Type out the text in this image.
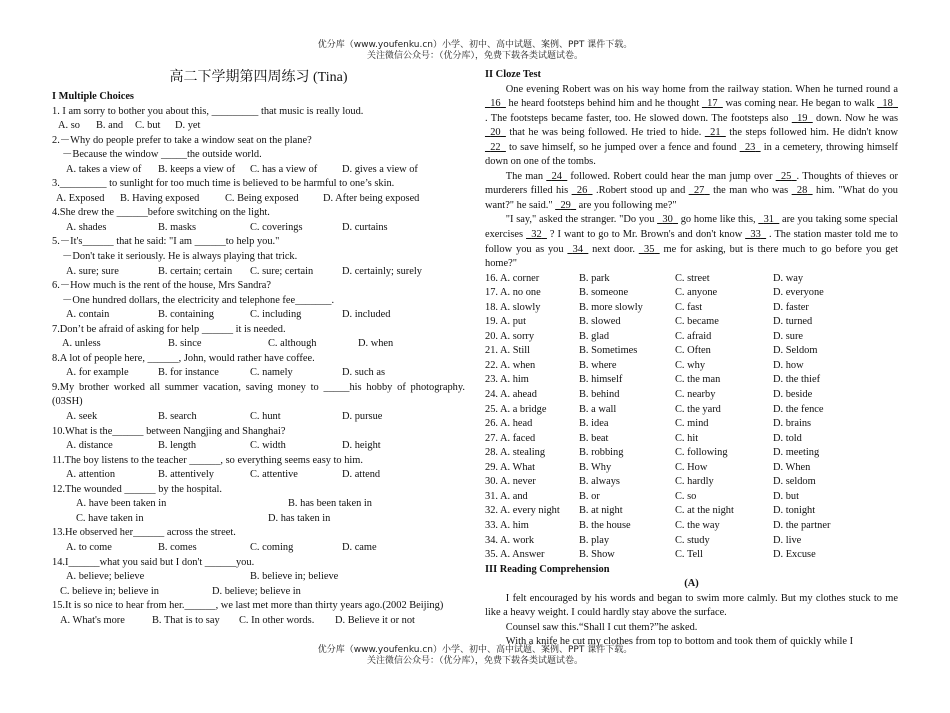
优分库（www.youfenku.cn）小学、初中、高中试题、案例、PPT 课件下载。
关注微信公众号：（优分库），免费下载各类试题试卷。
高二下学期第四周练习 (Tina)
I Multiple Choices
1. I am sorry to bother you about this, _________ that music is really loud.
A. so	B. and	C. but	D. yet
2.－Why do people prefer to take a window seat on the plane?
－Because the window _____the outside world.
A. takes a view of	B. keeps a view of	C. has a view of	D. gives a view of
3._________ to sunlight for too much time is believed to be harmful to one’s skin.
A. Exposed	B. Having exposed	C. Being exposed	D. After being exposed
4.She drew the ______before switching on the light.
A. shades	B. masks	C. coverings	D. curtains
5.－It's______ that he said: "I am ______to help you."
－Don't take it seriously. He is always playing that trick.
A. sure; sure	B. certain; certain	C. sure; certain	D. certainly; surely
6.－How much is the rent of the house, Mrs Sandra?
－One hundred dollars, the electricity and telephone fee_______.
A. contain	B. containing	C. including	D. included
7.Don’t be afraid of asking for help ______ it is needed.
A. unless	B. since	C. although	D. when
8.A lot of people here, ______, John, would rather have coffee.
A. for example	B. for instance	C. namely	D. such as
9.My brother worked all summer vacation, saving money to _____his hobby of photography.(03SH)
A. seek	B. search	C. hunt	D. pursue
10.What is the______ between Nangjing and Shanghai?
A. distance	B. length	C. width	D. height
11.The boy listens to the teacher ______, so everything seems easy to him.
A. attention	B. attentively	C. attentive	D. attend
12.The wounded ______ by the hospital.
A. have been taken in	B. has been taken in
C. have taken in	D. has taken in
13.He observed her______ across the street.
A. to come	B. comes	C. coming	D. came
14.I______what you said but I don't ______you.
A. believe; believe	B. believe in; believe
C. believe in; believe in	D. believe; believe in
15.It is so nice to hear from her.______, we last met more than thirty years ago.(2002 Beijing)
A. What's more	B. That is to say	C. In other words.	D. Believe it or not
II Cloze Test
One evening Robert was on his way home from the railway station. When he turned round a _16_ he heard footsteps behind him and he thought _17_ was coming near. He began to walk _18_ . The footsteps became faster, too. He slowed down. The footsteps also _19_ down. Now he was _20_ that he was being followed. He tried to hide. _21_ the steps followed him. He didn't know _22_ to save himself, so he jumped over a fence and found _23_ in a cemetery, throwing himself down on one of the tombs.
The man _24_ followed. Robert could hear the man jump over _25_. Thoughts of thieves or murderers filled his _26_ .Robert stood up and _27_ the man who was _28_ him. "What do you want?" he said." _29_ are you following me?"
"I say," asked the stranger. "Do you _30_ go home like this, _31_ are you taking some special exercises _32_ ? I want to go to Mr. Brown's and don't know _33_ . The station master told me to follow you as you _34_ next door. _35_ me for asking, but is there much to go before you get home?"
16. A. corner	B. park	C. street	D. way
17. A. no one	B. someone	C. anyone	D. everyone
18. A. slowly	B. more slowly	C. fast	D. faster
19. A. put	B. slowed	C. became	D. turned
20. A. sorry	B. glad	C. afraid	D. sure
21. A. Still	B. Sometimes	C. Often	D. Seldom
22. A. when	B. where	C. why	D. how
23. A. him	B. himself	C. the man	D. the thief
24. A. ahead	B. behind	C. nearby	D. beside
25. A. a bridge	B. a wall	C. the yard	D. the fence
26. A. head	B. idea	C. mind	D. brains
27. A. faced	B. beat	C. hit	D. told
28. A. stealing	B. robbing	C. following	D. meeting
29. A. What	B. Why	C. How	D. When
30. A. never	B. always	C. hardly	D. seldom
31. A. and	B. or	C. so	D. but
32. A. every night	B. at night	C. at the night	D. tonight
33. A. him	B. the house	C. the way	D. the partner
34. A. work	B. play	C. study	D. live
35. A. Answer	B. Show	C. Tell	D. Excuse
III Reading Comprehension
(A)
I felt encouraged by his words and began to swim more calmly. But my clothes stuck to me like a heavy weight. I could hardly stay above the surface.
Counsel saw this.“Shall I cut them?”he asked.
With a knife he cut my clothes from top to bottom and took them of quickly while I
优分库（www.youfenku.cn）小学、初中、高中试题、案例、PPT 课件下载。
关注微信公众号：（优分库），免费下载各类试题试卷。
